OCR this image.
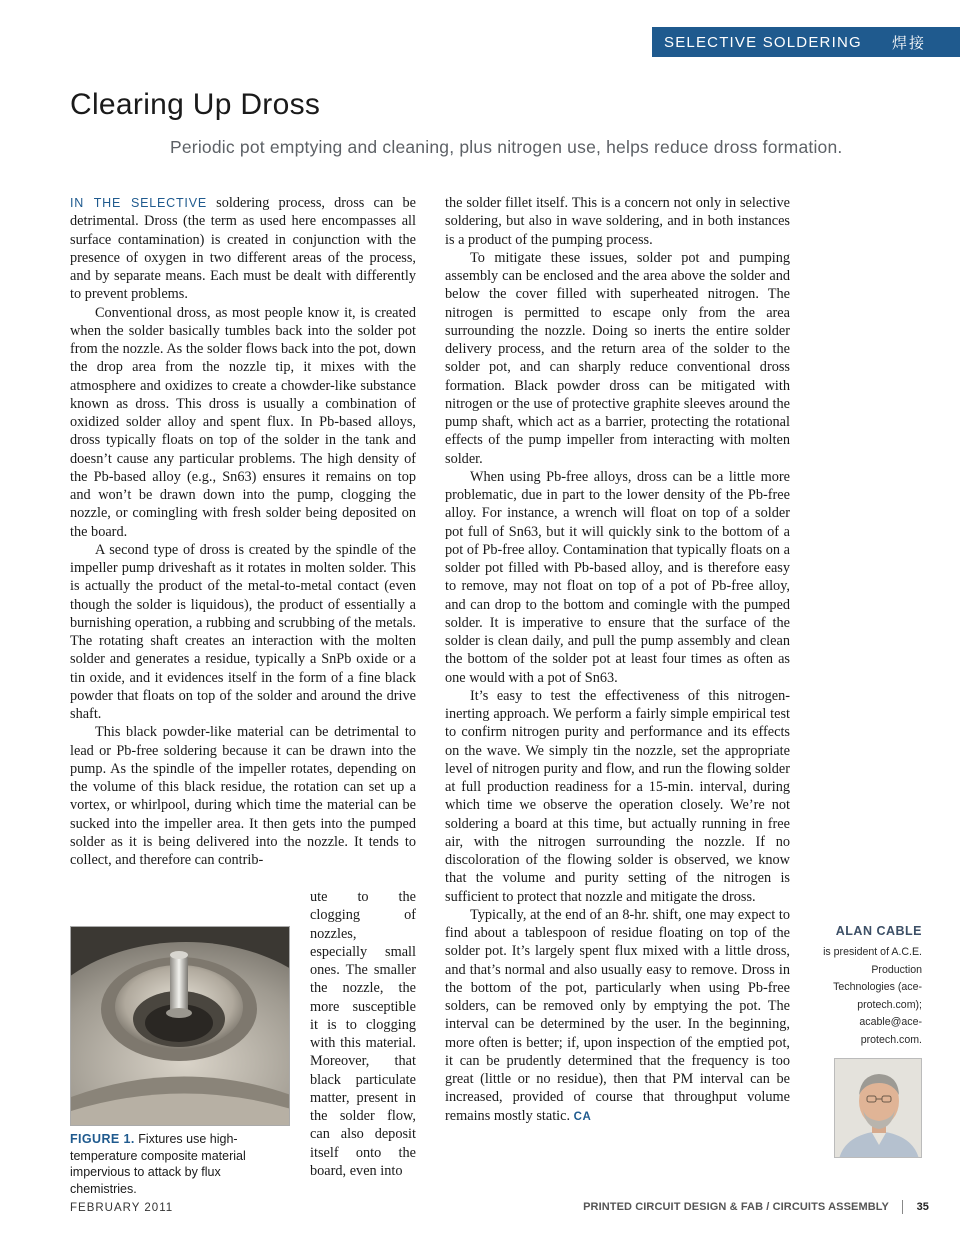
SELECTIVE SOLDERING 焊接
Clearing Up Dross

Periodic pot emptying and cleaning, plus nitrogen use, helps reduce dross formation.

IN THE SELECTIVE soldering process, dross can be detrimental. Dross (the term as used here encompasses all surface contamination) is created in conjunction with the presence of oxygen in two different areas of the process, and by separate means. Each must be dealt with differently to prevent problems.

Conventional dross, as most people know it, is created when the solder basically tumbles back into the solder pot from the nozzle. As the solder flows back into the pot, down the drop area from the nozzle tip, it mixes with the atmosphere and oxidizes to create a chowder-like substance known as dross. This dross is usually a combination of oxidized solder alloy and spent flux. In Pb-based alloys, dross typically floats on top of the solder in the tank and doesn’t cause any particular problems. The high density of the Pb-based alloy (e.g., Sn63) ensures it remains on top and won’t be drawn down into the pump, clogging the nozzle, or comingling with fresh solder being deposited on the board.

A second type of dross is created by the spindle of the impeller pump driveshaft as it rotates in molten solder. This is actually the product of the metal-to-metal contact (even though the solder is liquidous), the product of essentially a burnishing operation, a rubbing and scrubbing of the metals. The rotating shaft creates an interaction with the molten solder and generates a residue, typically a SnPb oxide or a tin oxide, and it evidences itself in the form of a fine black powder that floats on top of the solder and around the drive shaft.

This black powder-like material can be detrimental to lead or Pb-free soldering because it can be drawn into the pump. As the spindle of the impeller rotates, depending on the volume of this black residue, the rotation can set up a vortex, or whirlpool, during which time the material can be sucked into the impeller area. It then gets into the pumped solder as it is being delivered into the nozzle. It tends to collect, and therefore can contrib-

ute to the clogging of nozzles, especially small ones. The smaller the nozzle, the more susceptible it is to clogging with this material. Moreover, that black particulate matter, present in the solder flow, can also deposit itself onto the board, even into

FIGURE 1. Fixtures use high-temperature composite material impervious to attack by flux chemistries.

the solder fillet itself. This is a concern not only in selective soldering, but also in wave soldering, and in both instances is a product of the pumping process.

To mitigate these issues, solder pot and pumping assembly can be enclosed and the area above the solder and below the cover filled with superheated nitrogen. The nitrogen is permitted to escape only from the area surrounding the nozzle. Doing so inerts the entire solder delivery process, and the return area of the solder to the solder pot, and can sharply reduce conventional dross formation. Black powder dross can be mitigated with nitrogen or the use of protective graphite sleeves around the pump shaft, which act as a barrier, protecting the rotational effects of the pump impeller from interacting with molten solder.

When using Pb-free alloys, dross can be a little more problematic, due in part to the lower density of the Pb-free alloy. For instance, a wrench will float on top of a solder pot full of Sn63, but it will quickly sink to the bottom of a pot of Pb-free alloy. Contamination that typically floats on a solder pot filled with Pb-based alloy, and is therefore easy to remove, may not float on top of a pot of Pb-free alloy, and can drop to the bottom and comingle with the pumped solder. It is imperative to ensure that the surface of the solder is clean daily, and pull the pump assembly and clean the bottom of the solder pot at least four times as often as one would with a pot of Sn63.

It’s easy to test the effectiveness of this nitrogen-inerting approach. We perform a fairly simple empirical test to confirm nitrogen purity and performance and its effects on the wave. We simply tin the nozzle, set the appropriate level of nitrogen purity and flow, and run the flowing solder at full production readiness for a 15-min. interval, during which time we observe the operation closely. We’re not soldering a board at this time, but actually running in free air, with the nitrogen surrounding the nozzle. If no discoloration of the flowing solder is observed, we know that the volume and purity setting of the nitrogen is sufficient to protect that nozzle and mitigate the dross.

Typically, at the end of an 8-hr. shift, one may expect to find about a tablespoon of residue floating on top of the solder pot. It’s largely spent flux mixed with a little dross, and that’s normal and also usually easy to remove. Dross in the bottom of the pot, particularly when using Pb-free solders, can be removed only by emptying the pot. The interval can be determined by the user. In the beginning, more often is better; if, upon inspection of the emptied pot, it can be prudently determined that the frequency is too great (little or no residue), then that PM interval can be increased, provided of course that throughput volume remains mostly static. CA

ALAN CABLE
is president of A.C.E. Production Technologies (ace-protech.com); acable@ace-protech.com.
FEBRUARY 2011	PRINTED CIRCUIT DESIGN & FAB / CIRCUITS ASSEMBLY	35
